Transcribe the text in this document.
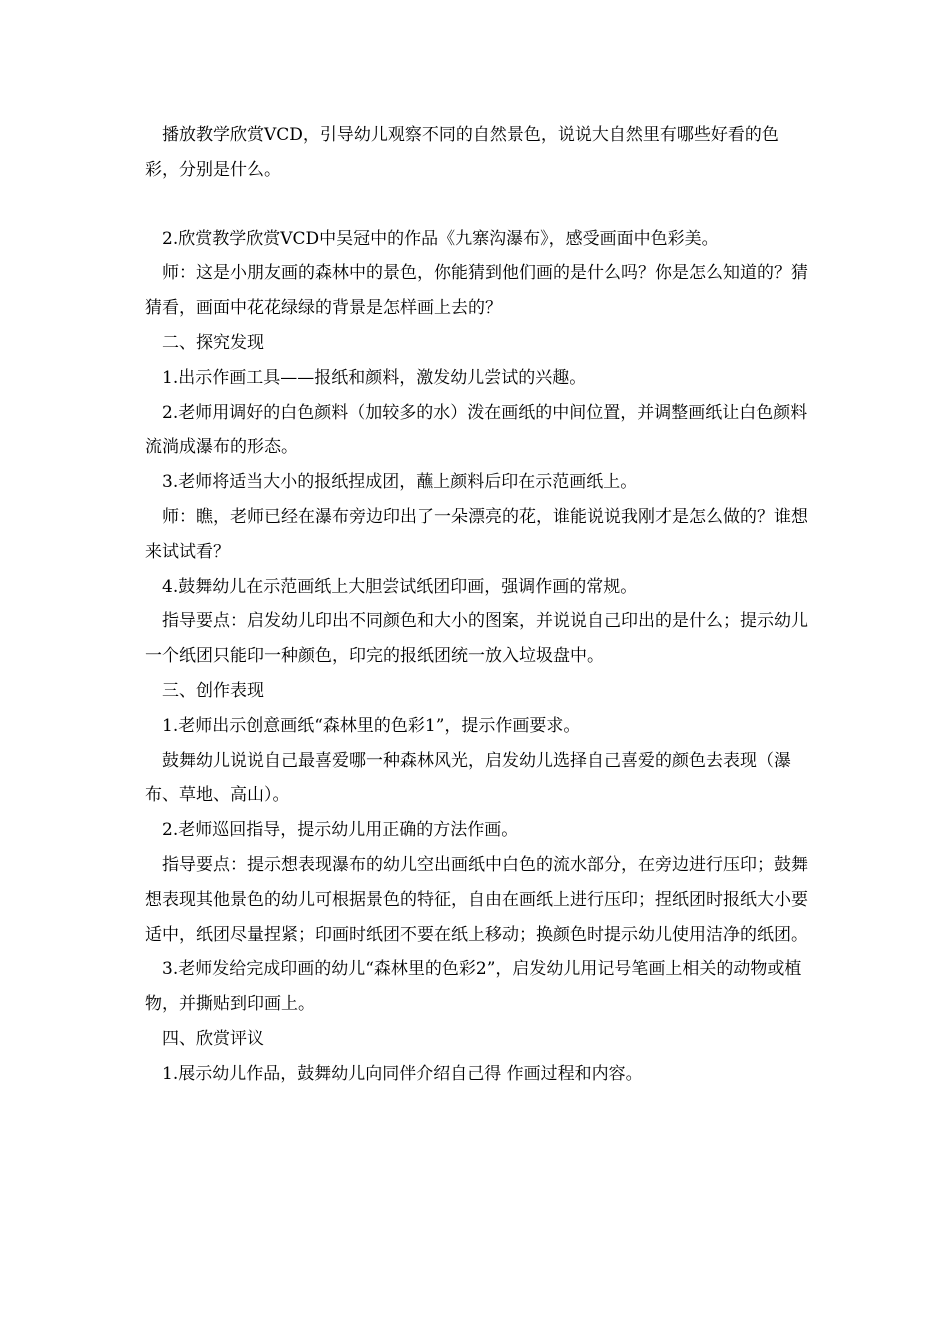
播放教学欣赏VCD，引导幼儿观察不同的自然景色，说说大自然里有哪些好看的色彩，分别是什么。

2.欣赏教学欣赏VCD中吴冠中的作品《九寨沟瀑布》，感受画面中色彩美。

师：这是小朋友画的森林中的景色，你能猜到他们画的是什么吗？你是怎么知道的？猜猜看，画面中花花绿绿的背景是怎样画上去的？

二、探究发现

1.出示作画工具——报纸和颜料，激发幼儿尝试的兴趣。

2.老师用调好的白色颜料（加较多的水）泼在画纸的中间位置，并调整画纸让白色颜料流淌成瀑布的形态。

3.老师将适当大小的报纸捏成团，蘸上颜料后印在示范画纸上。

师：瞧，老师已经在瀑布旁边印出了一朵漂亮的花，谁能说说我刚才是怎么做的？谁想来试试看？

4.鼓舞幼儿在示范画纸上大胆尝试纸团印画，强调作画的常规。

指导要点：启发幼儿印出不同颜色和大小的图案，并说说自己印出的是什么；提示幼儿一个纸团只能印一种颜色，印完的报纸团统一放入垃圾盘中。

三、创作表现

1.老师出示创意画纸“森林里的色彩1”，提示作画要求。

鼓舞幼儿说说自己最喜爱哪一种森林风光，启发幼儿选择自己喜爱的颜色去表现（瀑布、草地、高山）。

2.老师巡回指导，提示幼儿用正确的方法作画。

指导要点：提示想表现瀑布的幼儿空出画纸中白色的流水部分，在旁边进行压印；鼓舞想表现其他景色的幼儿可根据景色的特征，自由在画纸上进行压印；捏纸团时报纸大小要适中，纸团尽量捏紧；印画时纸团不要在纸上移动；换颜色时提示幼儿使用洁净的纸团。

3.老师发给完成印画的幼儿“森林里的色彩2”，启发幼儿用记号笔画上相关的动物或植物，并撕贴到印画上。

四、欣赏评议

1.展示幼儿作品，鼓舞幼儿向同伴介绍自己得 作画过程和内容。
